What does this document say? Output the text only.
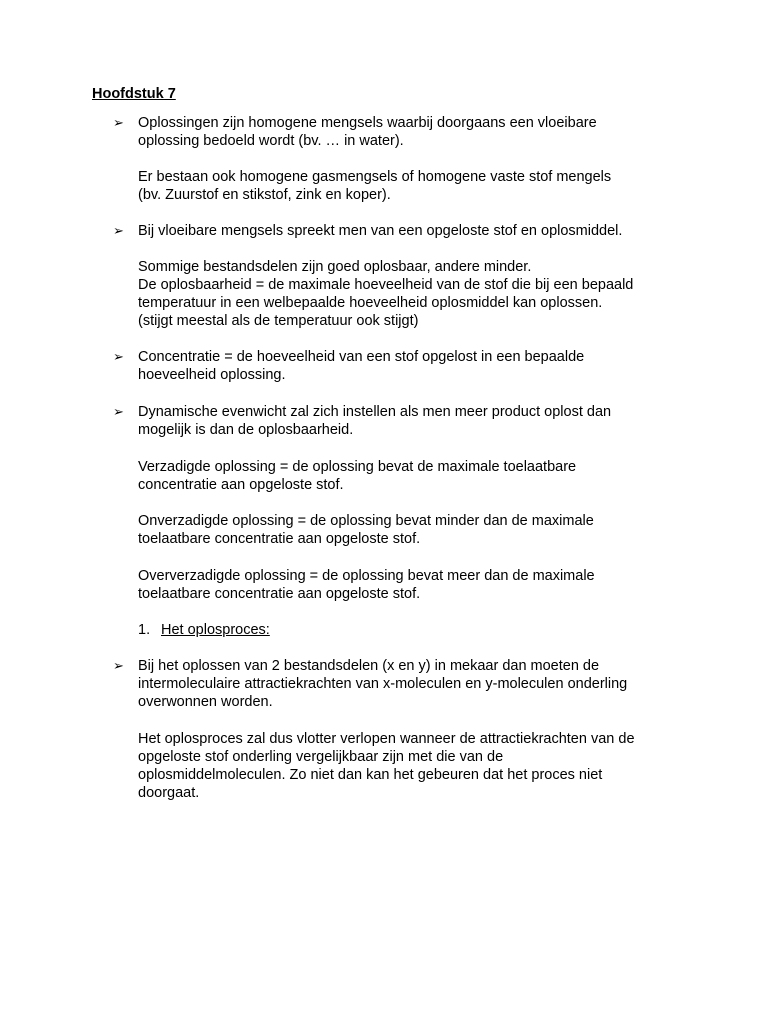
Hoofdstuk 7
➢ Oplossingen zijn homogene mengsels waarbij doorgaans een vloeibare
oplossing bedoeld wordt (bv. … in water).
Er bestaan ook homogene gasmengsels of homogene vaste stof mengels
(bv. Zuurstof en stikstof, zink en koper).
➢ Bij vloeibare mengsels spreekt men van een opgeloste stof en oplosmiddel.
Sommige bestandsdelen zijn goed oplosbaar, andere minder.
De oplosbaarheid = de maximale hoeveelheid van de stof die bij een bepaald
temperatuur in een welbepaalde hoeveelheid oplosmiddel kan oplossen.
(stijgt meestal als de temperatuur ook stijgt)
➢ Concentratie = de hoeveelheid van een stof opgelost in een bepaalde
hoeveelheid oplossing.
➢ Dynamische evenwicht zal zich instellen als men meer product oplost dan
mogelijk is dan de oplosbaarheid.
Verzadigde oplossing = de oplossing bevat de maximale toelaatbare
concentratie aan opgeloste stof.
Onverzadigde oplossing = de oplossing bevat minder dan de maximale
toelaatbare concentratie aan opgeloste stof.
Oververzadigde oplossing = de oplossing bevat meer dan de maximale
toelaatbare concentratie aan opgeloste stof.
1. Het oplosproces:
➢ Bij het oplossen van 2 bestandsdelen (x en y) in mekaar dan moeten de
intermoleculaire attractiekrachten van x-moleculen en y-moleculen onderling
overwonnen worden.
Het oplosproces zal dus vlotter verlopen wanneer de attractiekrachten van de
opgeloste stof onderling vergelijkbaar zijn met die van de
oplosmiddelmoleculen. Zo niet dan kan het gebeuren dat het proces niet
doorgaat.
